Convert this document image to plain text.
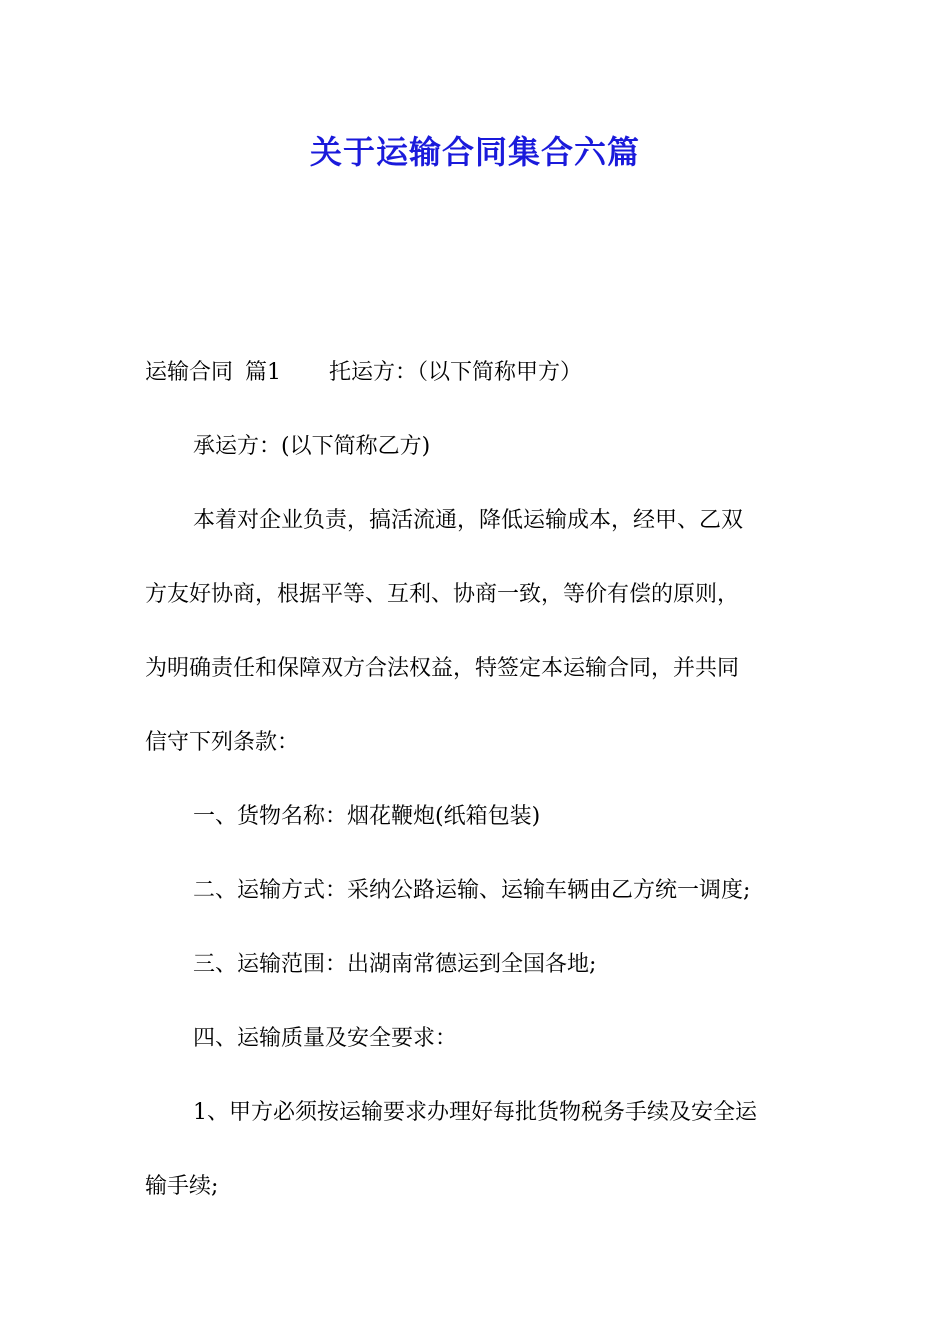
关于运输合同集合六篇
运输合同 篇1 托运方：（以下简称甲方）
承运方：(以下简称乙方)
本着对企业负责，搞活流通，降低运输成本，经甲、乙双
方友好协商，根据平等、互利、协商一致，等价有偿的原则，
为明确责任和保障双方合法权益，特签定本运输合同，并共同
信守下列条款：
一、货物名称：烟花鞭炮(纸箱包装)
二、运输方式：采纳公路运输、运输车辆由乙方统一调度;
三、运输范围：出湖南常德运到全国各地;
四、运输质量及安全要求：
1、甲方必须按运输要求办理好每批货物税务手续及安全运
输手续;
